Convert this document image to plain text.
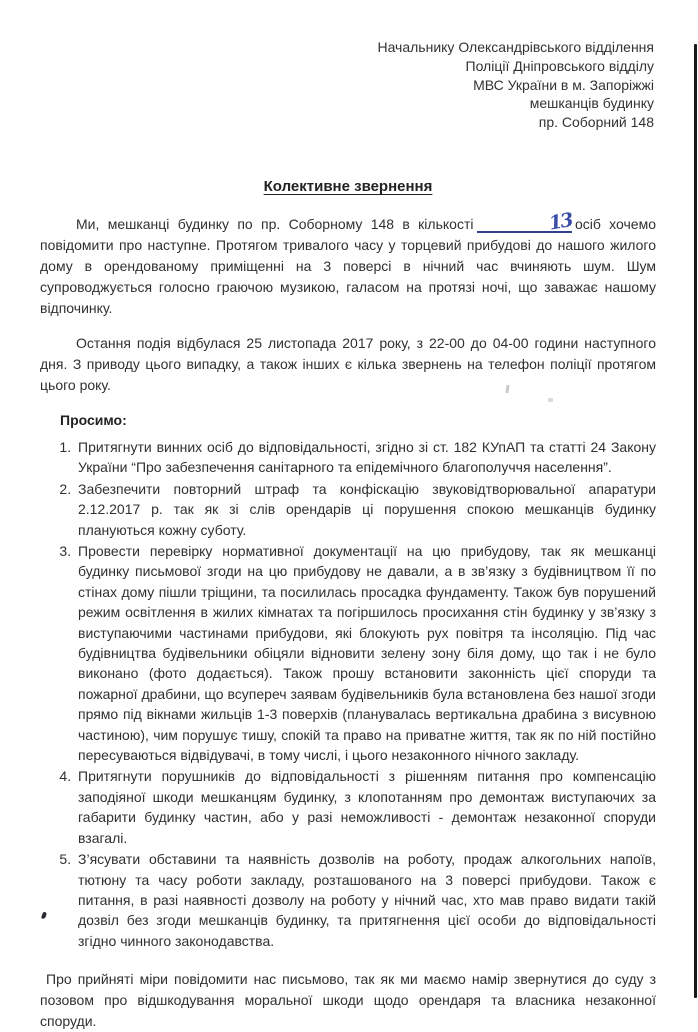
Начальнику Олександрівського відділення
Поліції Дніпровського відділу
МВС України в м. Запоріжжі
мешканців будинку
пр. Соборний 148
Колективне звернення

Ми, мешканці будинку по пр. Соборному 148 в кількості	13осіб хочемо повідомити про наступне. Протягом тривалого часу у торцевий прибудові до нашого жилого дому в орендованому приміщенні на 3 поверсі в нічний час вчиняють шум. Шум супроводжується голосно граючою музикою, галасом на протязі ночі, що заважає нашому відпочинку.

Остання подія відбулася 25 листопада 2017 року, з 22-00 до 04-00 години наступного дня. З приводу цього випадку, а також інших є кілька звернень на телефон поліції протягом цього року.

Просимо:

1. Притягнути винних осіб до відповідальності, згідно зі ст. 182 КУпАП та статті 24 Закону України “Про забезпечення санітарного та епідемічного благополуччя населення”.
2. Забезпечити повторний штраф та конфіскацію звуковідтворювальної апаратури 2.12.2017 р. так як зі слів орендарів ці порушення спокою мешканців будинку плануються кожну суботу.
3. Провести перевірку нормативної документації на цю прибудову, так як мешканці будинку письмової згоди на цю прибудову не давали, а в зв’язку з будівництвом її по стінах дому пішли тріщини, та посилилась просадка фундаменту. Також був порушений режим освітлення в жилих кімнатах та погіршилось просихання стін будинку у зв’язку з виступаючими частинами прибудови, які блокують рух повітря та інсоляцію. Під час будівництва будівельники обіцяли відновити зелену зону біля дому, що так і не було виконано (фото додається). Також прошу встановити законність цієї споруди та пожарної драбини, що всупереч заявам будівельників була встановлена без нашої згоди прямо під вікнами жильців 1-3 поверхів (планувалась вертикальна драбина з висувною частиною), чим порушує тишу, спокій та право на приватне життя, так як по ній постійно пересуваються відвідувачі, в тому числі, і цього незаконного нічного закладу.
4. Притягнути порушників до відповідальності з рішенням питання про компенсацію заподіяної шкоди мешканцям будинку, з клопотанням про демонтаж виступаючих за габарити будинку частин, або у разі неможливості - демонтаж незаконної споруди взагалі.
5. З’ясувати обставини та наявність дозволів на роботу, продаж алкогольних напоїв, тютюну та часу роботи закладу, розташованого на 3 поверсі прибудови. Також є питання, в разі наявності дозволу на роботу у нічний час, хто мав право видати такій дозвіл без згоди мешканців будинку, та притягнення цієї особи до відповідальності згідно чинного законодавства.

Про прийняті міри повідомити нас письмово, так як ми маємо намір звернутися до суду з позовом про відшкодування моральної шкоди щодо орендаря та власника незаконної споруди.
